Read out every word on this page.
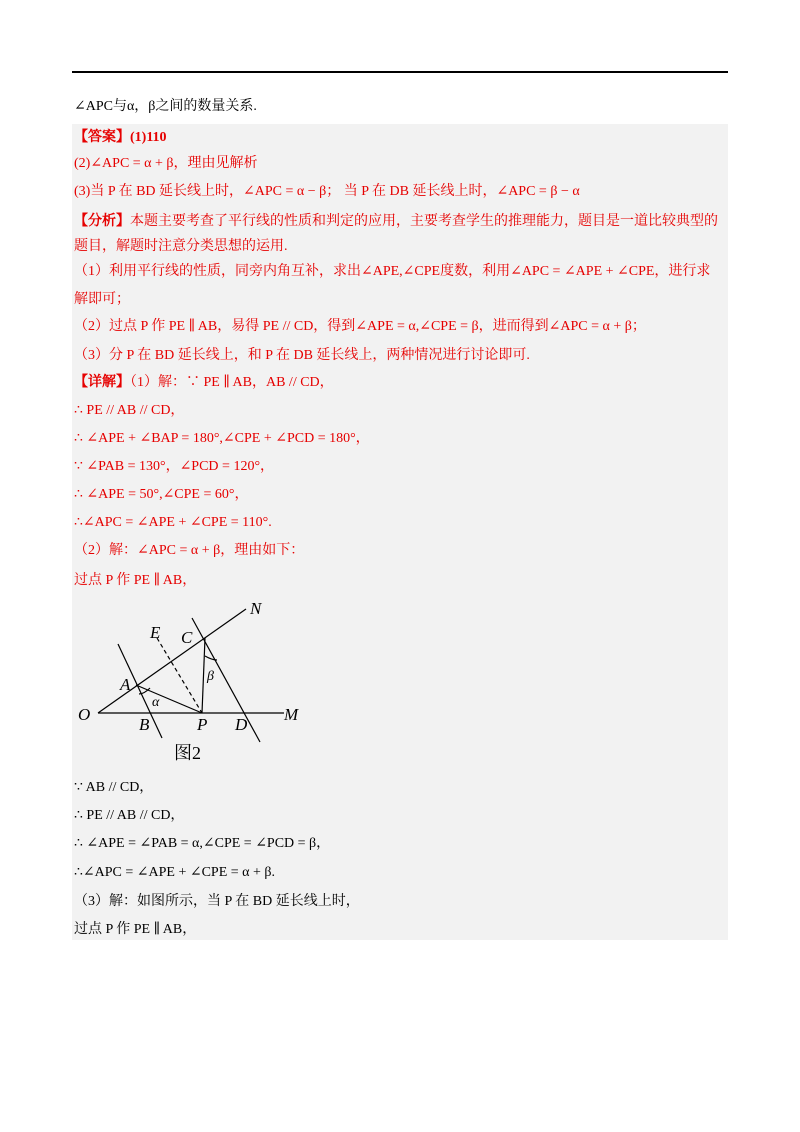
∠APC与α，β之间的数量关系.
【答案】(1)110
(2)∠APC = α + β，理由见解析
(3)当 P 在 BD 延长线上时，∠APC = α − β； 当 P 在 DB 延长线上时，∠APC = β − α
【分析】本题主要考查了平行线的性质和判定的应用，主要考查学生的推理能力，题目是一道比较典型的
题目，解题时注意分类思想的运用.
（1）利用平行线的性质，同旁内角互补，求出∠APE,∠CPE度数，利用∠APC = ∠APE + ∠CPE，进行求
解即可；
（2）过点 P 作 PE ∥ AB，易得 PE // CD，得到∠APE = α,∠CPE = β，进而得到∠APC = α + β；
（3）分 P 在 BD 延长线上，和 P 在 DB 延长线上，两种情况进行讨论即可.
【详解】（1）解：∵ PE ∥ AB，AB // CD，
∴ PE // AB // CD，
∴ ∠APE + ∠BAP = 180°,∠CPE + ∠PCD = 180°，
∵ ∠PAB = 130°，∠PCD = 120°，
∴ ∠APE = 50°,∠CPE = 60°，
∴∠APC = ∠APE + ∠CPE = 110°.
（2）解：∠APC = α + β，理由如下：
过点 P 作 PE ∥ AB，
N
E C
A
O
B	P D
M
α
β
图2
∵ AB // CD，
∴ PE // AB // CD，
∴ ∠APE = ∠PAB = α,∠CPE = ∠PCD = β，
∴∠APC = ∠APE + ∠CPE = α + β.
（3）解：如图所示，当 P 在 BD 延长线上时，
过点 P 作 PE ∥ AB，
